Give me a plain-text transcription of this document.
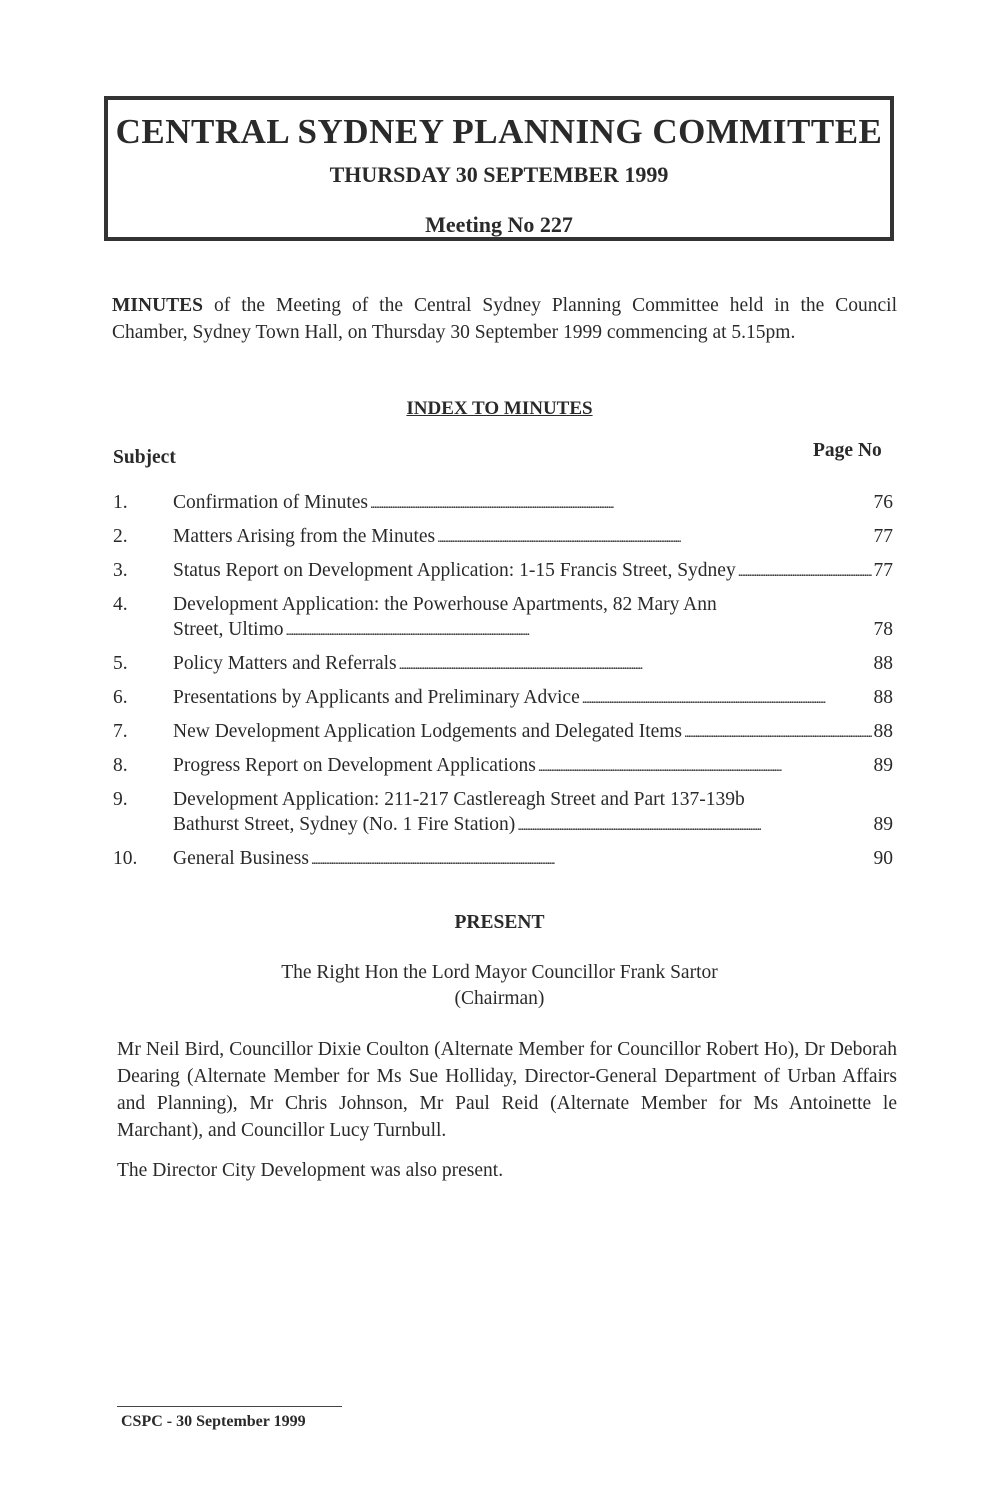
CENTRAL SYDNEY PLANNING COMMITTEE
THURSDAY 30 SEPTEMBER 1999
Meeting No 227
MINUTES of the Meeting of the Central Sydney Planning Committee held in the Council Chamber, Sydney Town Hall, on Thursday 30 September 1999 commencing at 5.15pm.
INDEX TO MINUTES
Subject	Page No
1.	Confirmation of Minutes . . .	76
2.	Matters Arising from the Minutes . . .	77
3.	Status Report on Development Application: 1-15 Francis Street, Sydney . . .	77
4.	Development Application: the Powerhouse Apartments, 82 Mary Ann
Street, Ultimo . . .	78
5.	Policy Matters and Referrals . . .	88
6.	Presentations by Applicants and Preliminary Advice . . .	88
7.	New Development Application Lodgements and Delegated Items . . .	88
8.	Progress Report on Development Applications . . .	89
9.	Development Application: 211-217 Castlereagh Street and Part 137-139b
Bathurst Street, Sydney (No. 1 Fire Station) . . .	89
10.	General Business . . .	90
PRESENT
The Right Hon the Lord Mayor Councillor Frank Sartor
(Chairman)
Mr Neil Bird, Councillor Dixie Coulton (Alternate Member for Councillor Robert Ho), Dr Deborah Dearing (Alternate Member for Ms Sue Holliday, Director-General Department of Urban Affairs and Planning), Mr Chris Johnson, Mr Paul Reid (Alternate Member for Ms Antoinette le Marchant), and Councillor Lucy Turnbull.
The Director City Development was also present.
CSPC - 30 September 1999
